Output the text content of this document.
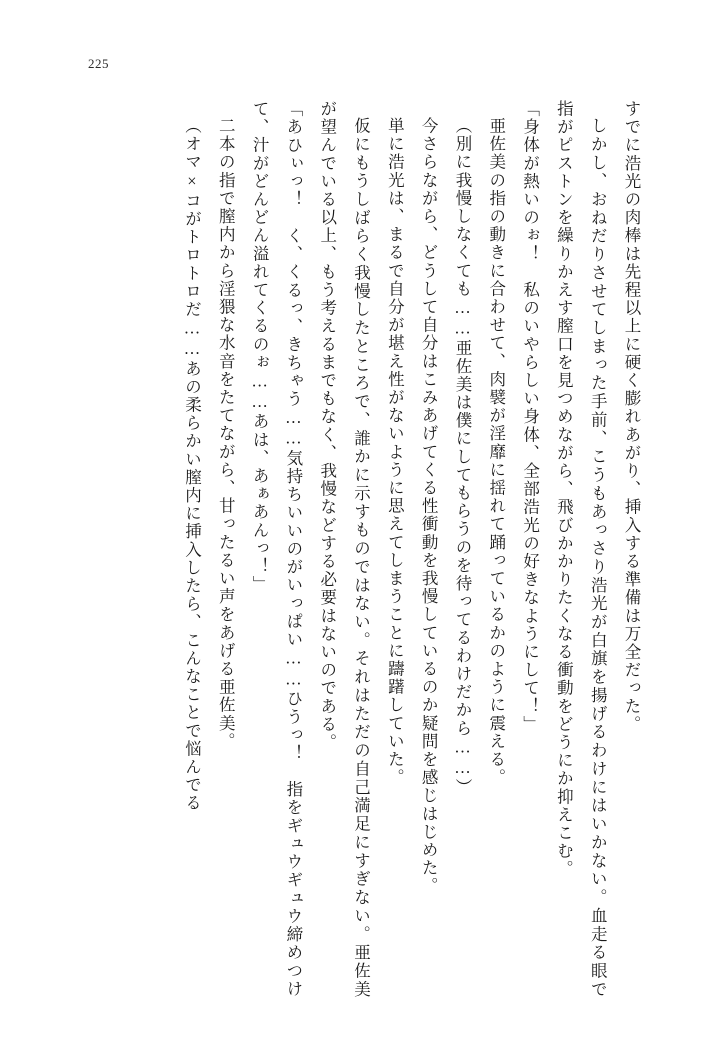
225

すでに浩光の肉棒は先程以上に硬く膨れあがり、挿入する準備は万全だった。

しかし、おねだりさせてしまった手前、こうもあっさり浩光が白旗を揚げるわけにはいかない。血走る眼で指がピストンを繰りかえす膣口を見つめながら、飛びかかりたくなる衝動をどうにか抑えこむ。

「身体が熱いのぉ！　私のいやらしい身体、全部浩光の好きなようにして！」

亜佐美の指の動きに合わせて、肉襞が淫靡に揺れて踊っているかのように震える。

（別に我慢しなくても……亜佐美は僕にしてもらうのを待ってるわけだから……）

今さらながら、どうして自分はこみあげてくる性衝動を我慢しているのか疑問を感じはじめた。

単に浩光は、まるで自分が堪え性がないように思えてしまうことに躊躇していた。

仮にもうしばらく我慢したところで、誰かに示すものではない。それはただの自己満足にすぎない。亜佐美が望んでいる以上、もう考えるまでもなく、我慢などする必要はないのである。

「あひぃっ！　く、くるっ、きちゃう……気持ちいいのがいっぱい……ひうっ！　指をギュウギュウ締めつけて、汁がどんどん溢れてくるのぉ……あは、あぁあんっ！」

二本の指で膣内から淫猥な水音をたてながら、甘ったるい声をあげる亜佐美。

（オマ×コがトロトロだ……あの柔らかい膣内に挿入したら、こんなことで悩んでる
